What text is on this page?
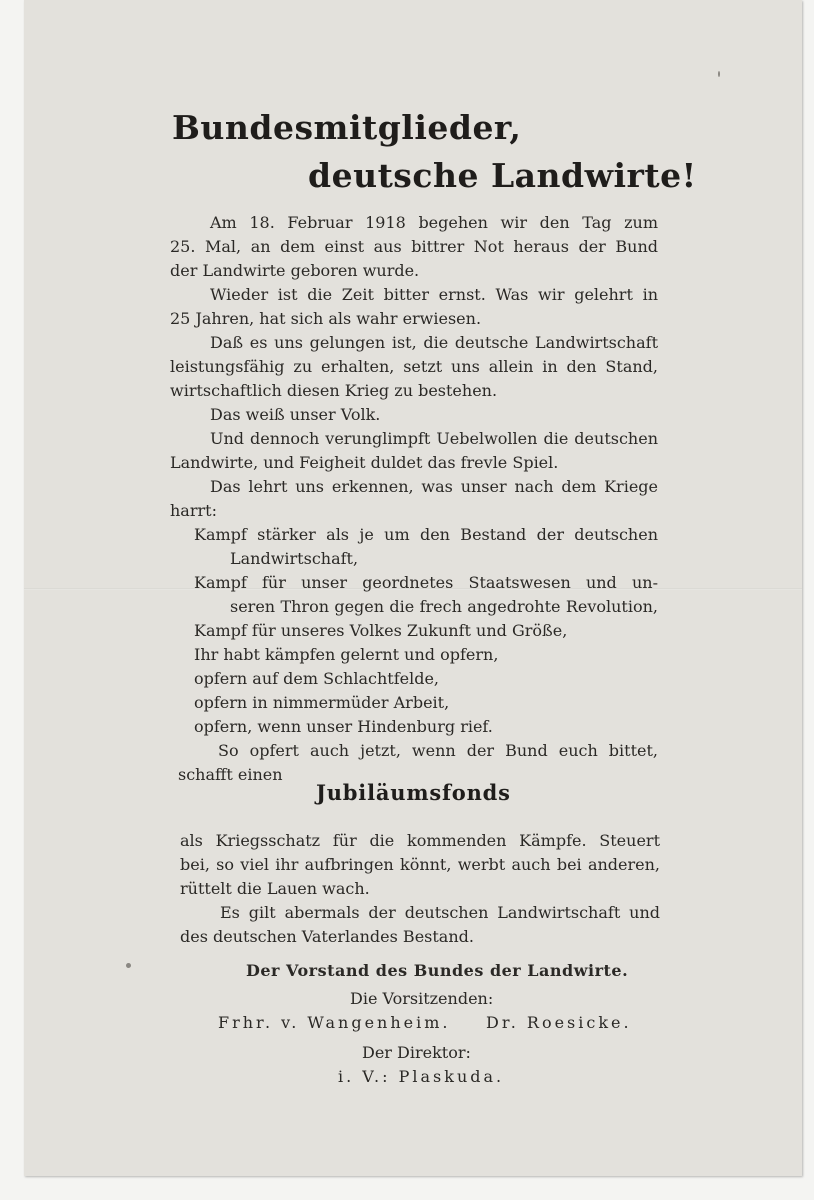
Bundesmitglieder,
deutsche Landwirte!
Am 18. Februar 1918 begehen wir den Tag zum
25. Mal, an dem einst aus bittrer Not heraus der Bund
der Landwirte geboren wurde.
Wieder ist die Zeit bitter ernst. Was wir gelehrt in
25 Jahren, hat sich als wahr erwiesen.
Daß es uns gelungen ist, die deutsche Landwirtschaft
leistungsfähig zu erhalten, setzt uns allein in den Stand,
wirtschaftlich diesen Krieg zu bestehen.
Das weiß unser Volk.
Und dennoch verunglimpft Uebelwollen die deutschen
Landwirte, und Feigheit duldet das frevle Spiel.
Das lehrt uns erkennen, was unser nach dem Kriege
harrt:
Kampf stärker als je um den Bestand der deutschen
Landwirtschaft,
Kampf für unser geordnetes Staatswesen und un-
seren Thron gegen die frech angedrohte Revolution,
Kampf für unseres Volkes Zukunft und Größe,
Ihr habt kämpfen gelernt und opfern,
opfern auf dem Schlachtfelde,
opfern in nimmermüder Arbeit,
opfern, wenn unser Hindenburg rief.
So opfert auch jetzt, wenn der Bund euch bittet,
schafft einen
Jubiläumsfonds
als Kriegsschatz für die kommenden Kämpfe. Steuert
bei, so viel ihr aufbringen könnt, werbt auch bei anderen,
rüttelt die Lauen wach.
Es gilt abermals der deutschen Landwirtschaft und
des deutschen Vaterlandes Bestand.
Der Vorstand des Bundes der Landwirte.
Die Vorsitzenden:
Frhr. v. Wangenheim. Dr. Roesicke.
Der Direktor:
i. V.: Plaskuda.
